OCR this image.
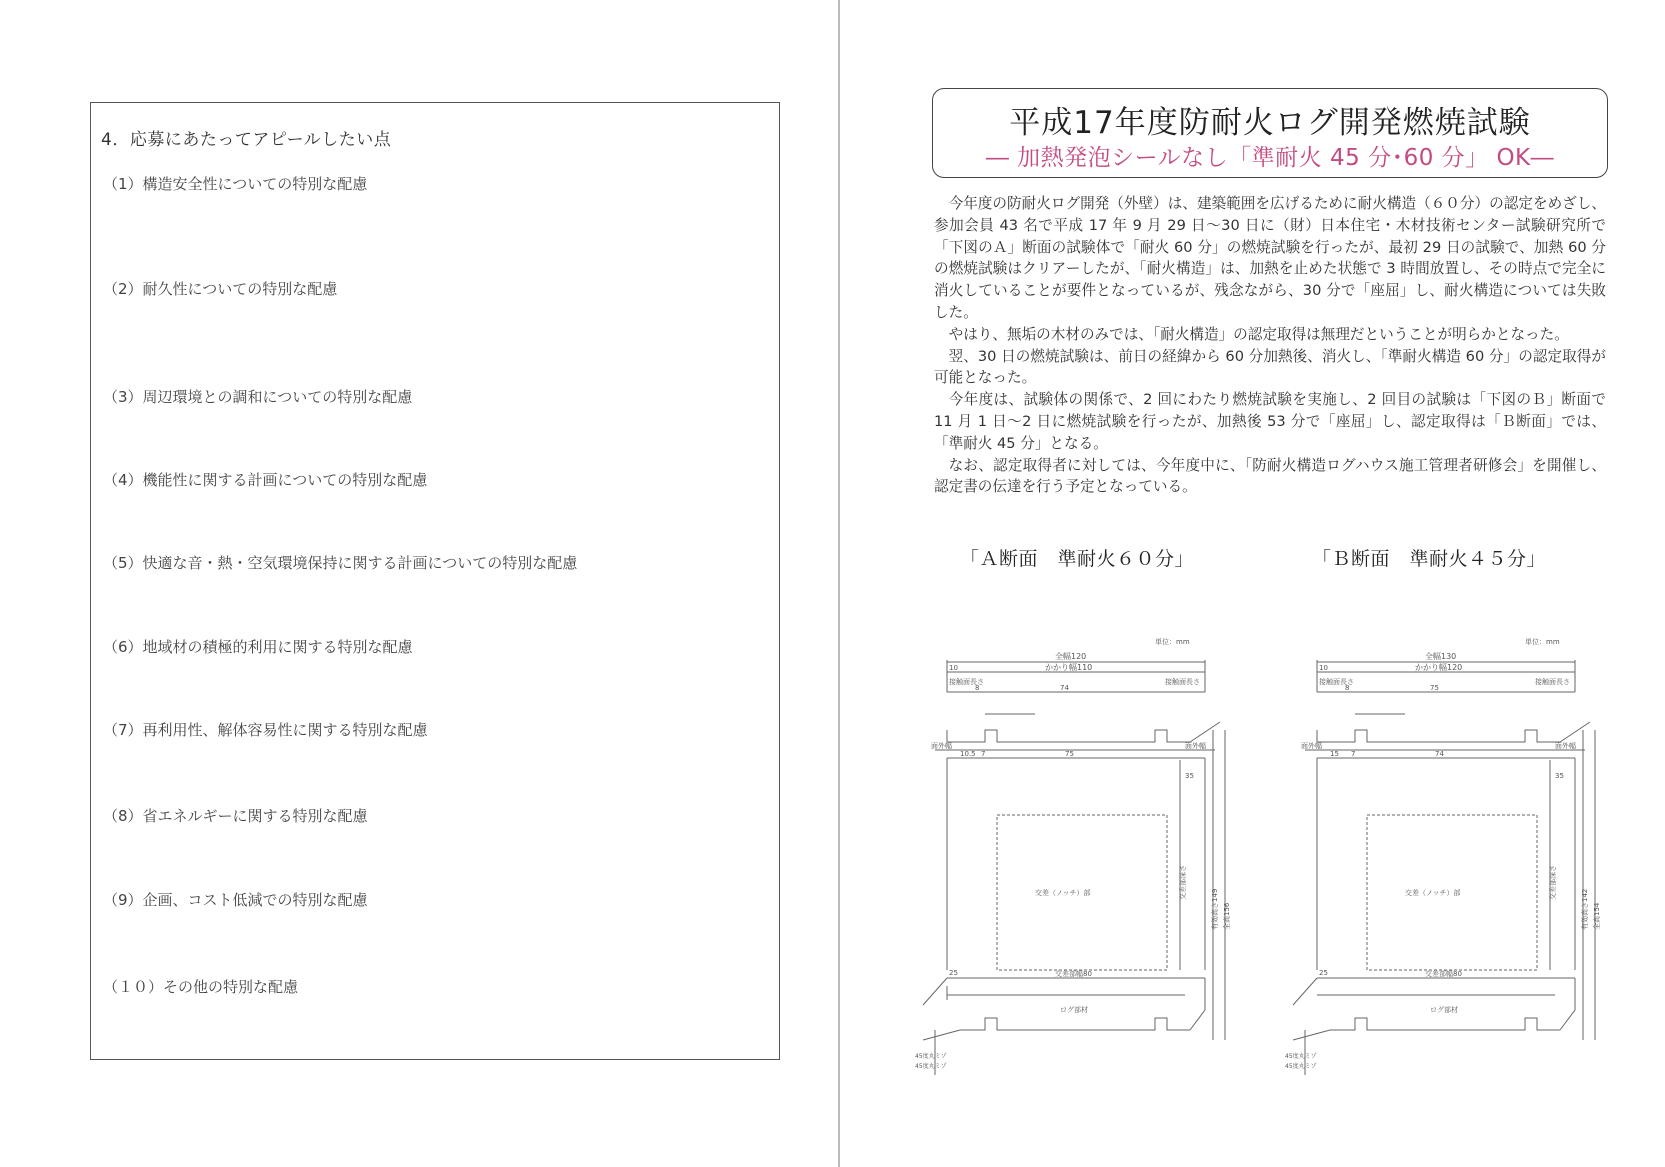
4．応募にあたってアピールしたい点
（1）構造安全性についての特別な配慮
（2）耐久性についての特別な配慮
（3）周辺環境との調和についての特別な配慮
（4）機能性に関する計画についての特別な配慮
（5）快適な音・熱・空気環境保持に関する計画についての特別な配慮
（6）地域材の積極的利用に関する特別な配慮
（7）再利用性、解体容易性に関する特別な配慮
（8）省エネルギーに関する特別な配慮
（9）企画、コスト低減での特別な配慮
（１０）その他の特別な配慮
平成17年度防耐火ログ開発燃焼試験
― 加熱発泡シールなし「準耐火 45 分･60 分」 OK―

今年度の防耐火ログ開発（外壁）は、建築範囲を広げるために耐火構造（６０分）の認定をめざし、参加会員 43 名で平成 17 年 9 月 29 日～30 日に（財）日本住宅・木材技術センター試験研究所で「下図のＡ」断面の試験体で「耐火 60 分」の燃焼試験を行ったが、最初 29 日の試験で、加熱 60 分の燃焼試験はクリアーしたが、「耐火構造」は、加熱を止めた状態で 3 時間放置し、その時点で完全に消火していることが要件となっているが、残念ながら、30 分で「座屈」し、耐火構造については失敗した。

やはり、無垢の木材のみでは、「耐火構造」の認定取得は無理だということが明らかとなった。

翌、30 日の燃焼試験は、前日の経緯から 60 分加熱後、消火し、「準耐火構造 60 分」の認定取得が可能となった。

今年度は、試験体の関係で、2 回にわたり燃焼試験を実施し、2 回目の試験は「下図のＢ」断面で 11 月 1 日～2 日に燃焼試験を行ったが、加熱後 53 分で「座屈」し、認定取得は「Ｂ断面」では、「準耐火 45 分」となる。

なお、認定取得者に対しては、今年度中に、「防耐火構造ログハウス施工管理者研修会」を開催し、認定書の伝達を行う予定となっている。

「Ａ断面　準耐火６０分」	「Ｂ断面　準耐火４５分」
単位：mm
全幅120
かかり幅110
接触面長さ	接触面長さ
10
74
8
面外幅	面外幅
10.5 7	75
35
交差（ノッチ）部	交差部深さ
有効高さ149 全高156
25	交差部幅80
ログ部材
45度丸ミゾ
45度丸ミゾ
単位：mm
全幅130
かかり幅120
接触面長さ	接触面長さ
10
75
8
面外幅	面外幅
15 7	74
35
交差（ノッチ）部	交差部深さ
有効高さ142 全高154
25	交差部幅80
ログ部材
45度丸ミゾ
45度丸ミゾ
